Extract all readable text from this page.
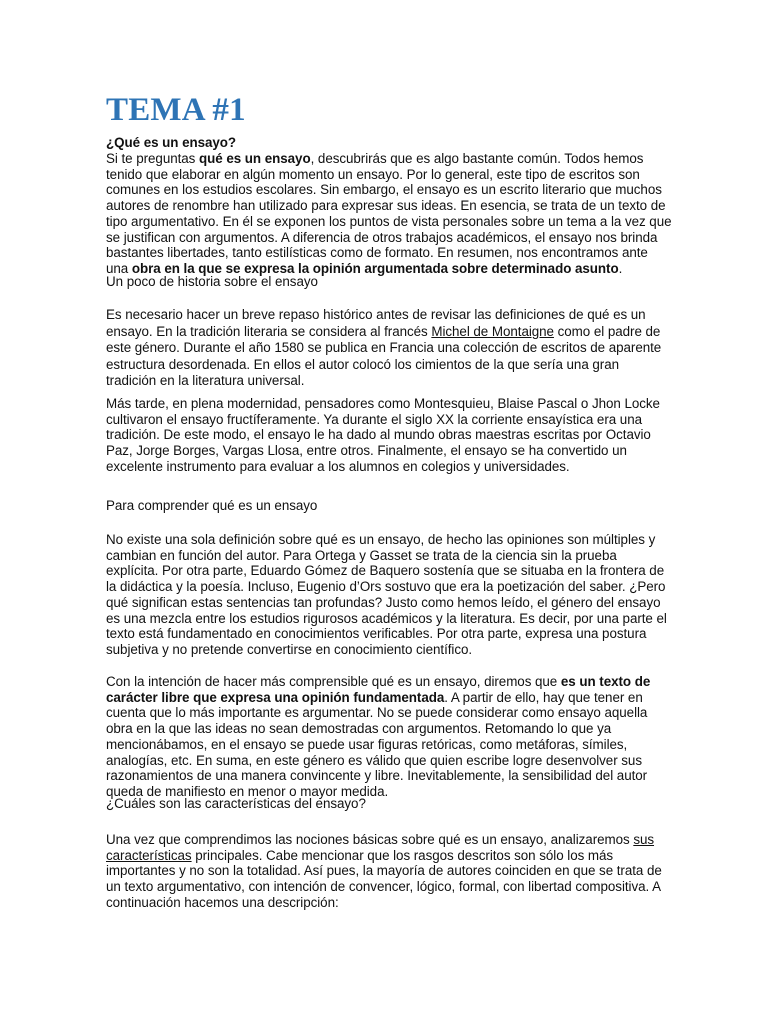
TEMA #1

¿Qué es un ensayo?

Si te preguntas qué es un ensayo, descubrirás que es algo bastante común. Todos hemos tenido que elaborar en algún momento un ensayo. Por lo general, este tipo de escritos son comunes en los estudios escolares. Sin embargo, el ensayo es un escrito literario que muchos autores de renombre han utilizado para expresar sus ideas. En esencia, se trata de un texto de tipo argumentativo. En él se exponen los puntos de vista personales sobre un tema a la vez que se justifican con argumentos. A diferencia de otros trabajos académicos, el ensayo nos brinda bastantes libertades, tanto estilísticas como de formato. En resumen, nos encontramos ante una obra en la que se expresa la opinión argumentada sobre determinado asunto.

Un poco de historia sobre el ensayo

Es necesario hacer un breve repaso histórico antes de revisar las definiciones de qué es un ensayo. En la tradición literaria se considera al francés Michel de Montaigne como el padre de este género. Durante el año 1580 se publica en Francia una colección de escritos de aparente estructura desordenada. En ellos el autor colocó los cimientos de la que sería una gran tradición en la literatura universal.

Más tarde, en plena modernidad, pensadores como Montesquieu, Blaise Pascal o Jhon Locke cultivaron el ensayo fructíferamente. Ya durante el siglo XX la corriente ensayística era una tradición. De este modo, el ensayo le ha dado al mundo obras maestras escritas por Octavio Paz, Jorge Borges, Vargas Llosa, entre otros. Finalmente, el ensayo se ha convertido un excelente instrumento para evaluar a los alumnos en colegios y universidades.

Para comprender qué es un ensayo

No existe una sola definición sobre qué es un ensayo, de hecho las opiniones son múltiples y cambian en función del autor. Para Ortega y Gasset se trata de la ciencia sin la prueba explícita. Por otra parte, Eduardo Gómez de Baquero sostenía que se situaba en la frontera de la didáctica y la poesía. Incluso, Eugenio d’Ors sostuvo que era la poetización del saber. ¿Pero qué significan estas sentencias tan profundas? Justo como hemos leído, el género del ensayo es una mezcla entre los estudios rigurosos académicos y la literatura. Es decir, por una parte el texto está fundamentado en conocimientos verificables. Por otra parte, expresa una postura subjetiva y no pretende convertirse en conocimiento científico.

Con la intención de hacer más comprensible qué es un ensayo, diremos que es un texto de carácter libre que expresa una opinión fundamentada. A partir de ello, hay que tener en cuenta que lo más importante es argumentar. No se puede considerar como ensayo aquella obra en la que las ideas no sean demostradas con argumentos. Retomando lo que ya mencionábamos, en el ensayo se puede usar figuras retóricas, como metáforas, símiles, analogías, etc. En suma, en este género es válido que quien escribe logre desenvolver sus razonamientos de una manera convincente y libre. Inevitablemente, la sensibilidad del autor queda de manifiesto en menor o mayor medida.

¿Cuáles son las características del ensayo?

Una vez que comprendimos las nociones básicas sobre qué es un ensayo, analizaremos sus características principales. Cabe mencionar que los rasgos descritos son sólo los más importantes y no son la totalidad. Así pues, la mayoría de autores coinciden en que se trata de un texto argumentativo, con intención de convencer, lógico, formal, con libertad compositiva. A continuación hacemos una descripción:
